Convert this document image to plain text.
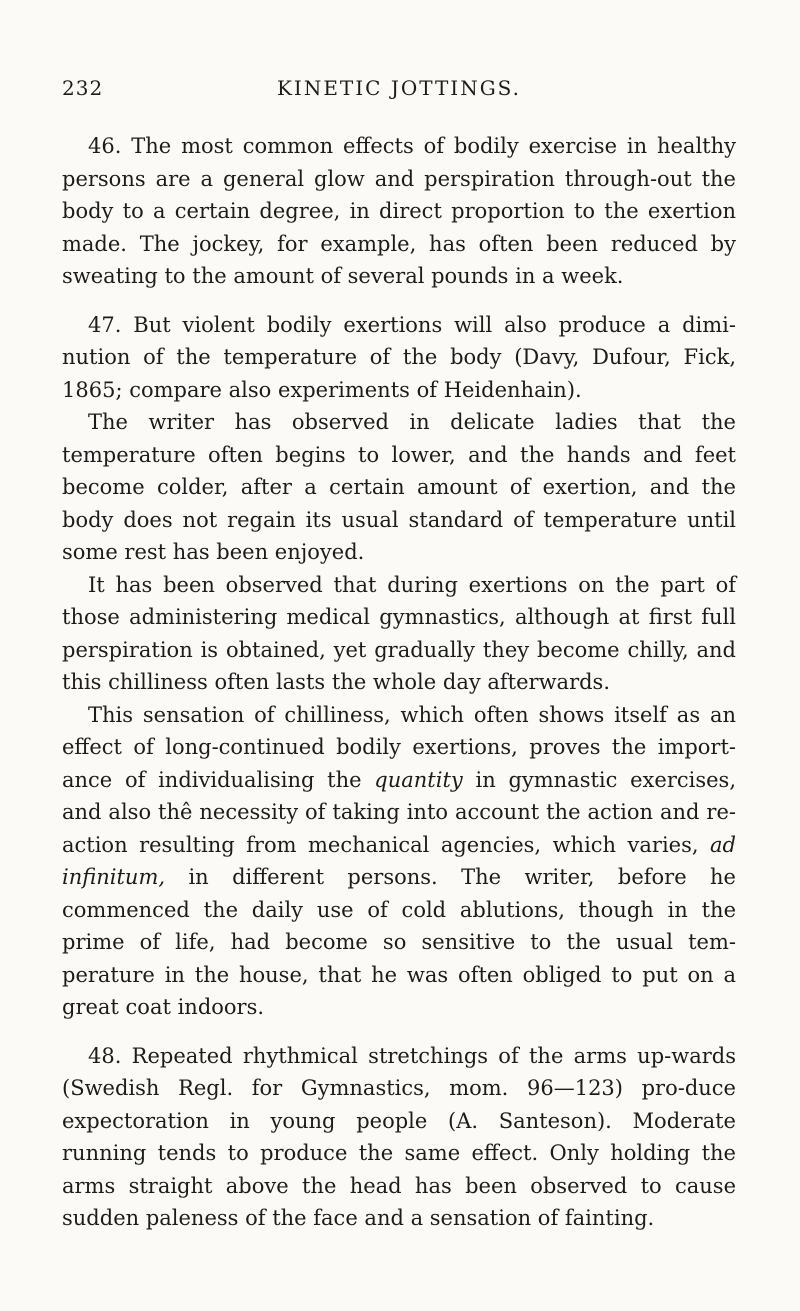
232	KINETIC JOTTINGS.

46. The most common effects of bodily exercise in healthy persons are a general glow and perspiration through-out the body to a certain degree, in direct proportion to the exertion made. The jockey, for example, has often been reduced by sweating to the amount of several pounds in a week.

47. But violent bodily exertions will also produce a dimi-nution of the temperature of the body (Davy, Dufour, Fick, 1865; compare also experiments of Heidenhain).

The writer has observed in delicate ladies that the temperature often begins to lower, and the hands and feet become colder, after a certain amount of exertion, and the body does not regain its usual standard of temperature until some rest has been enjoyed.

It has been observed that during exertions on the part of those administering medical gymnastics, although at first full perspiration is obtained, yet gradually they become chilly, and this chilliness often lasts the whole day afterwards.

This sensation of chilliness, which often shows itself as an effect of long-continued bodily exertions, proves the import-ance of individualising the quantity in gymnastic exercises, and also thê necessity of taking into account the action and re-action resulting from mechanical agencies, which varies, ad infinitum, in different persons. The writer, before he commenced the daily use of cold ablutions, though in the prime of life, had become so sensitive to the usual tem-perature in the house, that he was often obliged to put on a great coat indoors.

48. Repeated rhythmical stretchings of the arms up-wards (Swedish Regl. for Gymnastics, mom. 96—123) pro-duce expectoration in young people (A. Santeson). Moderate running tends to produce the same effect. Only holding the arms straight above the head has been observed to cause sudden paleness of the face and a sensation of fainting.
